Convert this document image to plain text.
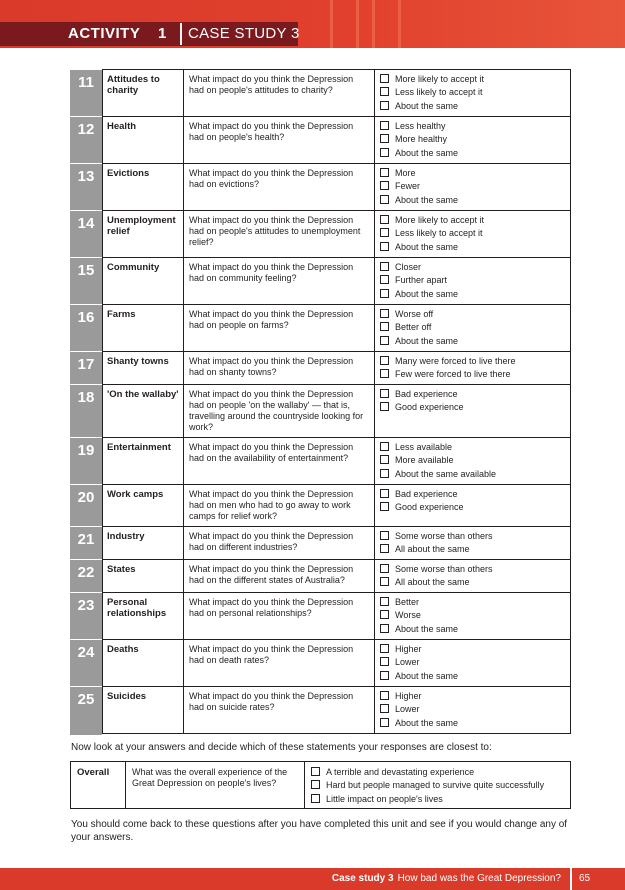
ACTIVITY 1 CASE STUDY 3
11	Attitudes to charity
What impact do you think the Depression had on people's attitudes to charity?
More likely to accept it
Less likely to accept it
About the same
12	Health	What impact do you think the Depression had on people's health?
Less healthy
More healthy
About the same
13	Evictions	What impact do you think the Depression had on evictions?
More
Fewer
About the same
14	Unemployment relief
What impact do you think the Depression had on people's attitudes to unemployment relief?
More likely to accept it
Less likely to accept it
About the same
15	Community	What impact do you think the Depression had on community feeling?
Closer
Further apart
About the same
16	Farms	What impact do you think the Depression had on people on farms?
Worse off
Better off
About the same
17	Shanty towns	What impact do you think the Depression had on shanty towns?
Many were forced to live there
Few were forced to live there
18	'On the wallaby'	What impact do you think the Depression had on people 'on the wallaby' — that is, travelling around the countryside looking for work?
Bad experience
Good experience
19	Entertainment	What impact do you think the Depression had on the availability of entertainment?
Less available
More available
About the same available
20	Work camps	What impact do you think the Depression had on men who had to go away to work camps for relief work?
Bad experience
Good experience
21	Industry	What impact do you think the Depression had on different industries?
Some worse than others
All about the same
22	States	What impact do you think the Depression had on the different states of Australia?
Some worse than others
All about the same
23	Personal relationships
What impact do you think the Depression had on personal relationships?
Better
Worse
About the same
24	Deaths	What impact do you think the Depression had on death rates?
Higher
Lower
About the same
25	Suicides	What impact do you think the Depression had on suicide rates?
Higher
Lower
About the same
Now look at your answers and decide which of these statements your responses are closest to:
Overall	What was the overall experience of the Great Depression on people's lives?
A terrible and devastating experience
Hard but people managed to survive quite successfully
Little impact on people's lives
You should come back to these questions after you have completed this unit and see if you would change any of your answers.
Case study 3 How bad was the Great Depression? 65
